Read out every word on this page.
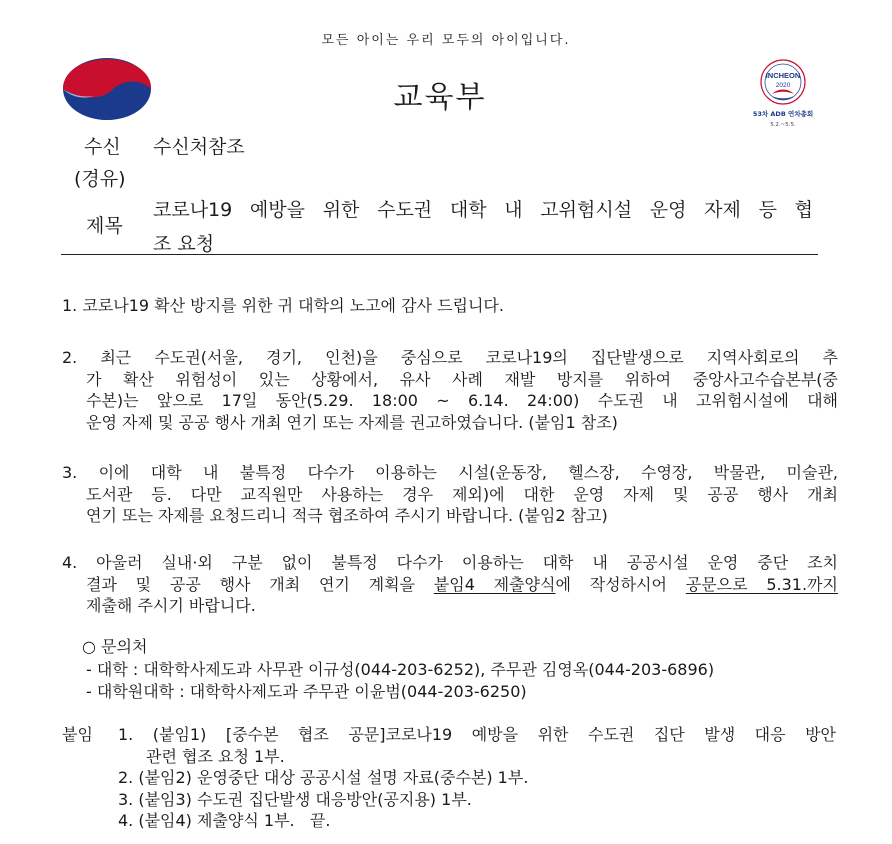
모든 아이는 우리 모두의 아이입니다.
교육부
INCHEON
2020
53차 ADB 연차총회
5.2.~5.5.
수신 수신처참조
(경유)
제목
코로나19 예방을 위한 수도권 대학 내 고위험시설 운영 자제 등 협
조 요청
1. 코로나19 확산 방지를 위한 귀 대학의 노고에 감사 드립니다.
2. 최근 수도권(서울, 경기, 인천)을 중심으로 코로나19의 집단발생으로 지역사회로의 추
가 확산 위험성이 있는 상황에서, 유사 사례 재발 방지를 위하여 중앙사고수습본부(중
수본)는 앞으로 17일 동안(5.29. 18:00 ~ 6.14. 24:00) 수도권 내 고위험시설에 대해
운영 자제 및 공공 행사 개최 연기 또는 자제를 권고하였습니다. (붙임1 참조)
3. 이에 대학 내 불특정 다수가 이용하는 시설(운동장, 헬스장, 수영장, 박물관, 미술관,
도서관 등. 다만 교직원만 사용하는 경우 제외)에 대한 운영 자제 및 공공 행사 개최
연기 또는 자제를 요청드리니 적극 협조하여 주시기 바랍니다. (붙임2 참고)
4. 아울러 실내·외 구분 없이 불특정 다수가 이용하는 대학 내 공공시설 운영 중단 조치
결과 및 공공 행사 개최 연기 계획을 붙임4 제출양식에 작성하시어 공문으로 5.31.까지
제출해 주시기 바랍니다.
○ 문의처
- 대학 : 대학학사제도과 사무관 이규성(044-203-6252), 주무관 김영옥(044-203-6896)
- 대학원대학 : 대학학사제도과 주무관 이윤범(044-203-6250)
붙임	1. (붙임1) [중수본 협조 공문]코로나19 예방을 위한 수도권 집단 발생 대응 방안
관련 협조 요청 1부.
2. (붙임2) 운영중단 대상 공공시설 설명 자료(중수본) 1부.
3. (붙임3) 수도권 집단발생 대응방안(공지용) 1부.
4. (붙임4) 제출양식 1부. 끝.
